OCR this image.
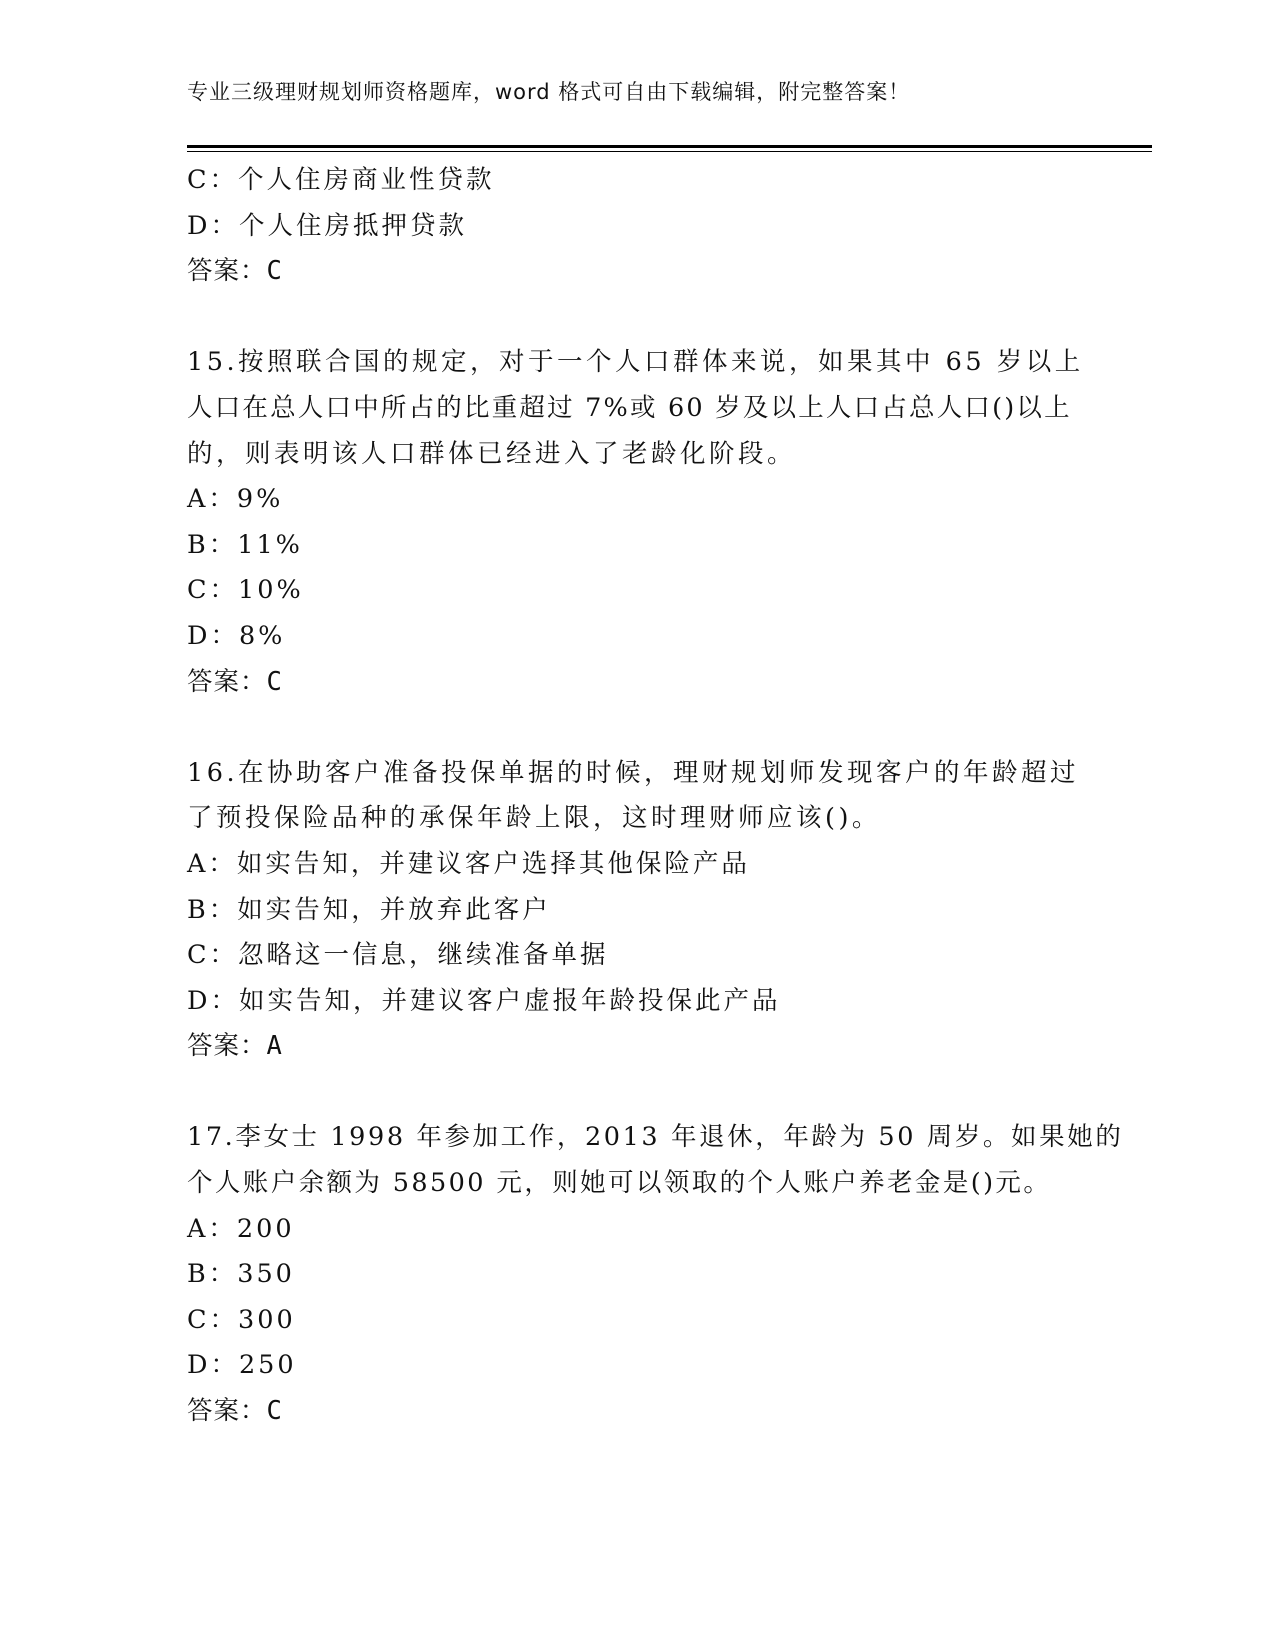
专业三级理财规划师资格题库，word 格式可自由下载编辑，附完整答案！
C：个人住房商业性贷款
D：个人住房抵押贷款
答案：C
15.按照联合国的规定，对于一个人口群体来说，如果其中 65 岁以上
人口在总人口中所占的比重超过 7%或 60 岁及以上人口占总人口()以上
的，则表明该人口群体已经进入了老龄化阶段。
A：9%
B：11%
C：10%
D：8%
答案：C
16.在协助客户准备投保单据的时候，理财规划师发现客户的年龄超过
了预投保险品种的承保年龄上限，这时理财师应该()。
A：如实告知，并建议客户选择其他保险产品
B：如实告知，并放弃此客户
C：忽略这一信息，继续准备单据
D：如实告知，并建议客户虚报年龄投保此产品
答案：A
17.李女士 1998 年参加工作，2013 年退休，年龄为 50 周岁。如果她的
个人账户余额为 58500 元，则她可以领取的个人账户养老金是()元。
A：200
B：350
C：300
D：250
答案：C
